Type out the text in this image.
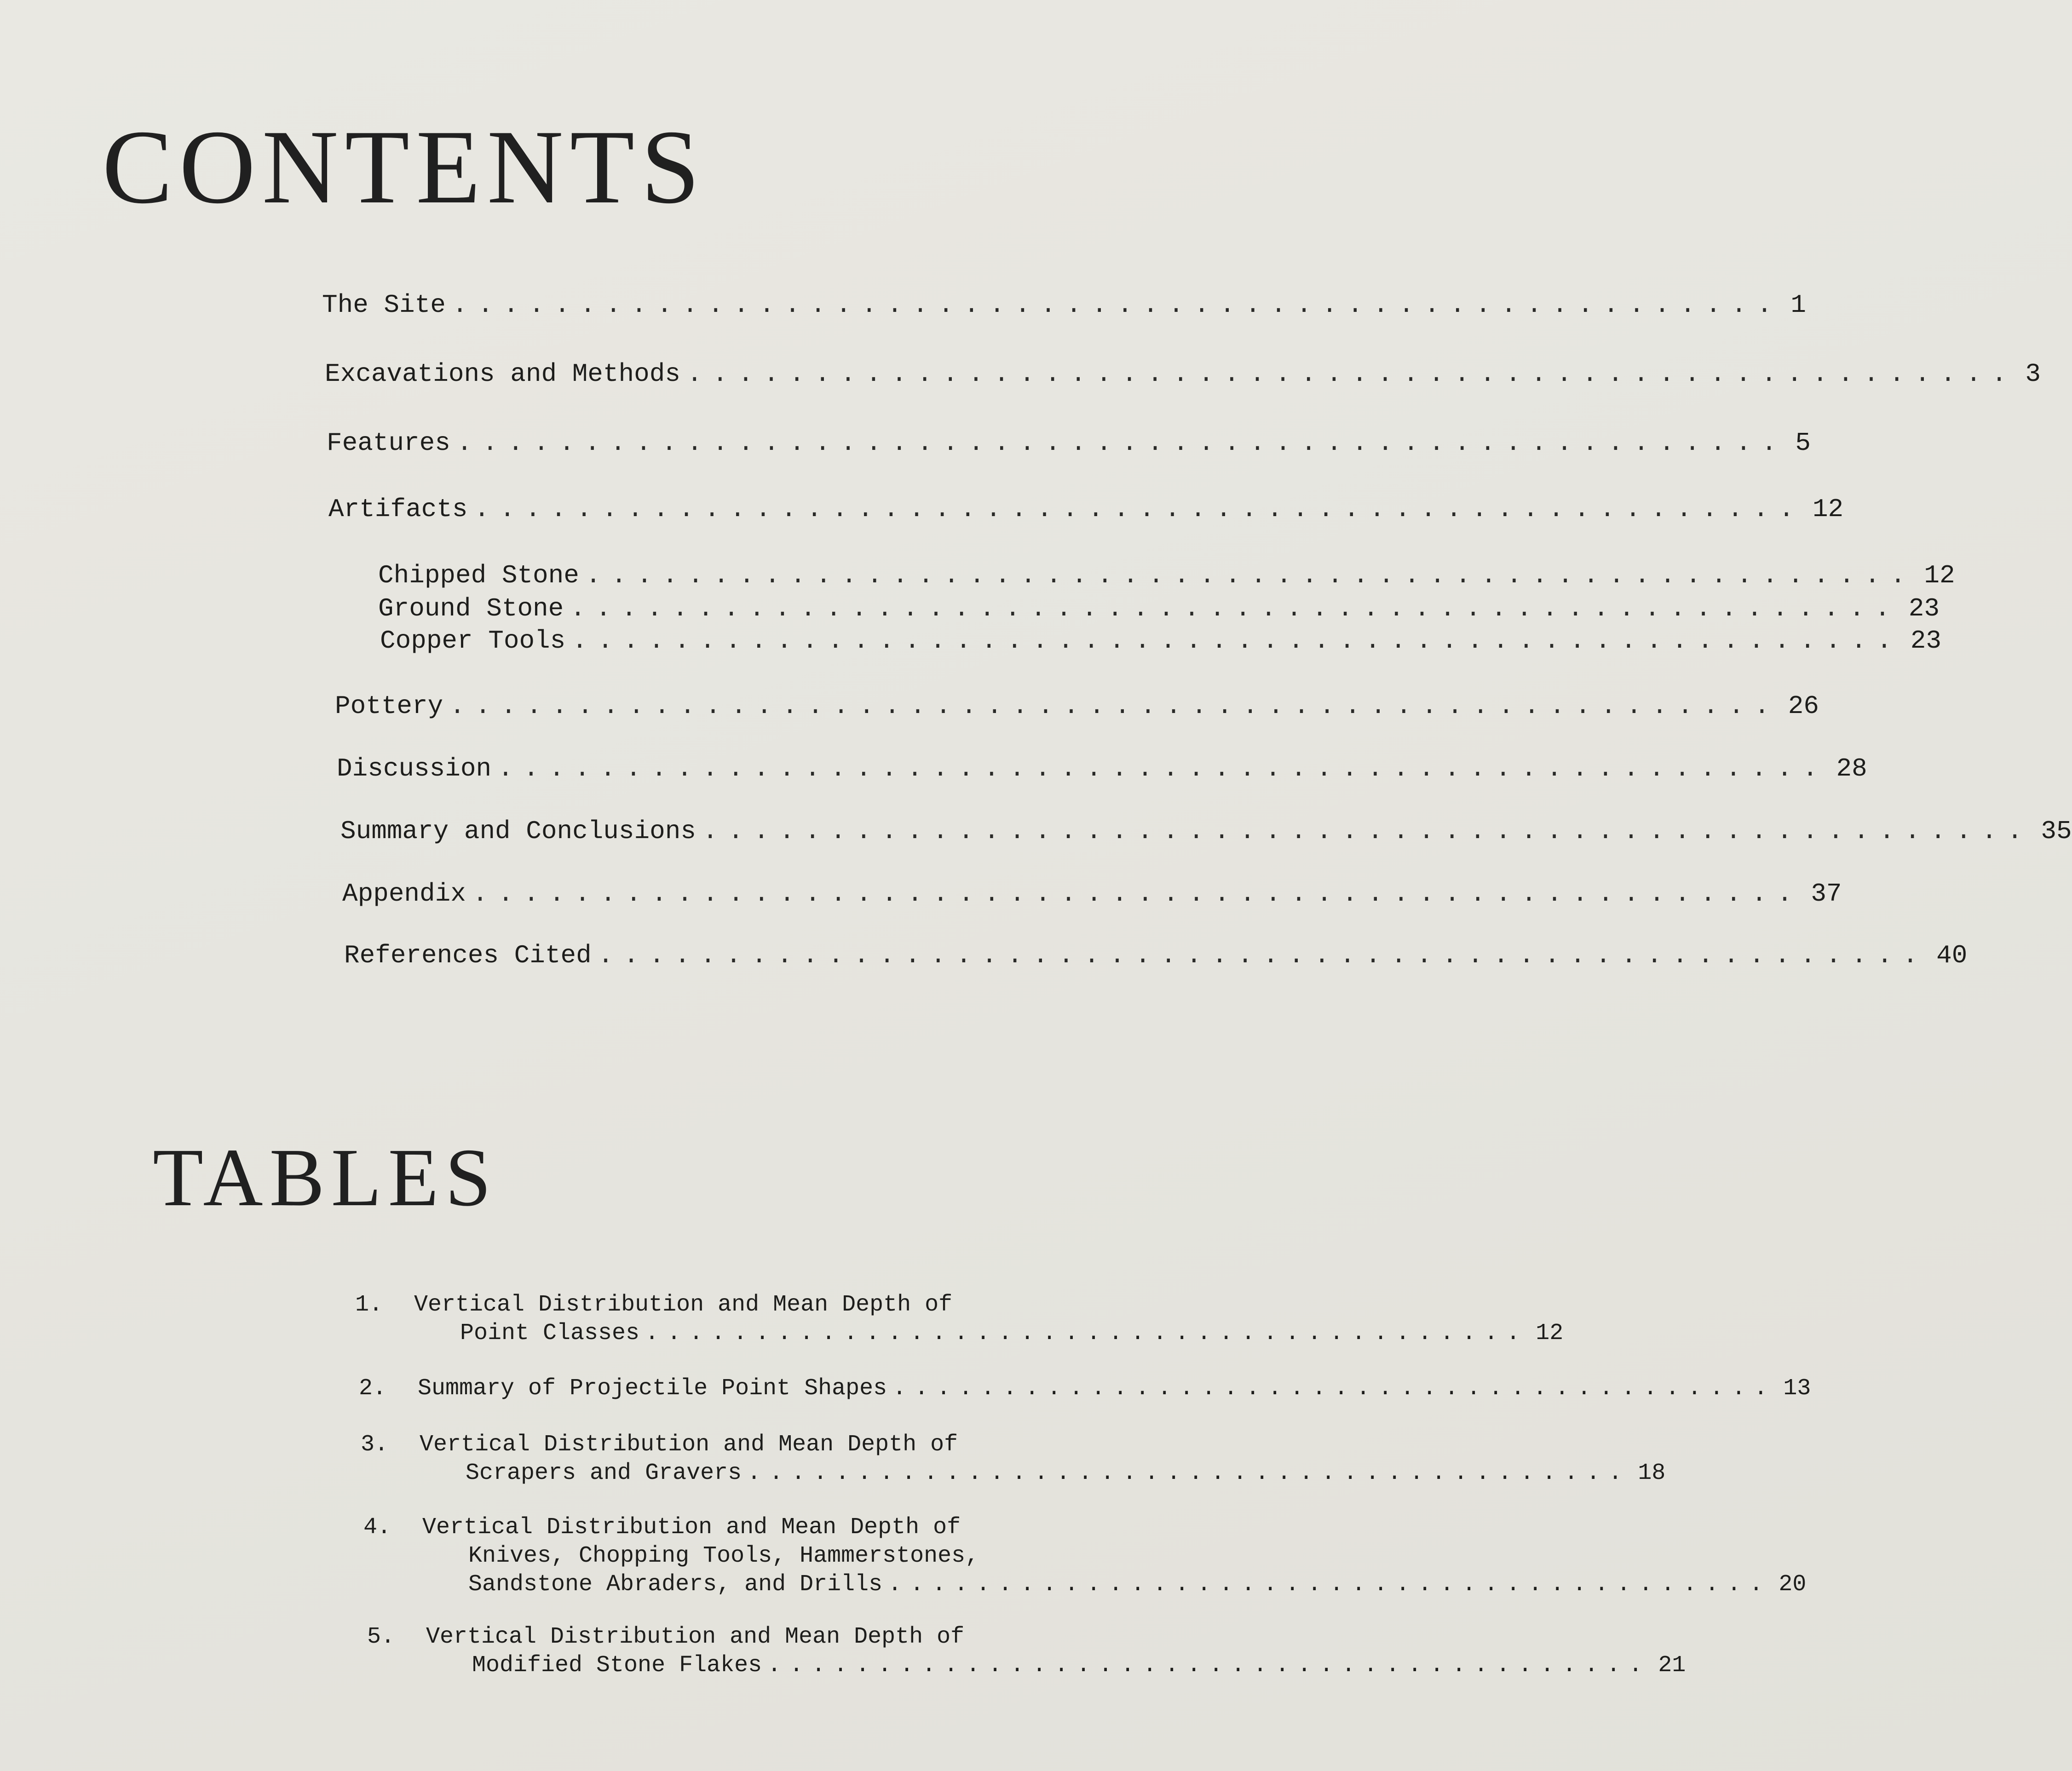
CONTENTS
The Site .................................................... 1
Excavations and Methods .................................................... 3
Features .................................................... 5
Artifacts .................................................... 12
Chipped Stone .................................................... 12
Ground Stone .................................................... 23
Copper Tools .................................................... 23
Pottery .................................................... 26
Discussion .................................................... 28
Summary and Conclusions .................................................... 35
Appendix .................................................... 37
References Cited .................................................... 40
TABLES
1. Vertical Distribution and Mean Depth of
Point Classes ........................................ 12
2. Summary of Projectile Point Shapes ........................................ 13
3. Vertical Distribution and Mean Depth of
Scrapers and Gravers ........................................ 18
4. Vertical Distribution and Mean Depth of
Knives, Chopping Tools, Hammerstones,
Sandstone Abraders, and Drills ........................................ 20
5. Vertical Distribution and Mean Depth of
Modified Stone Flakes ........................................ 21
